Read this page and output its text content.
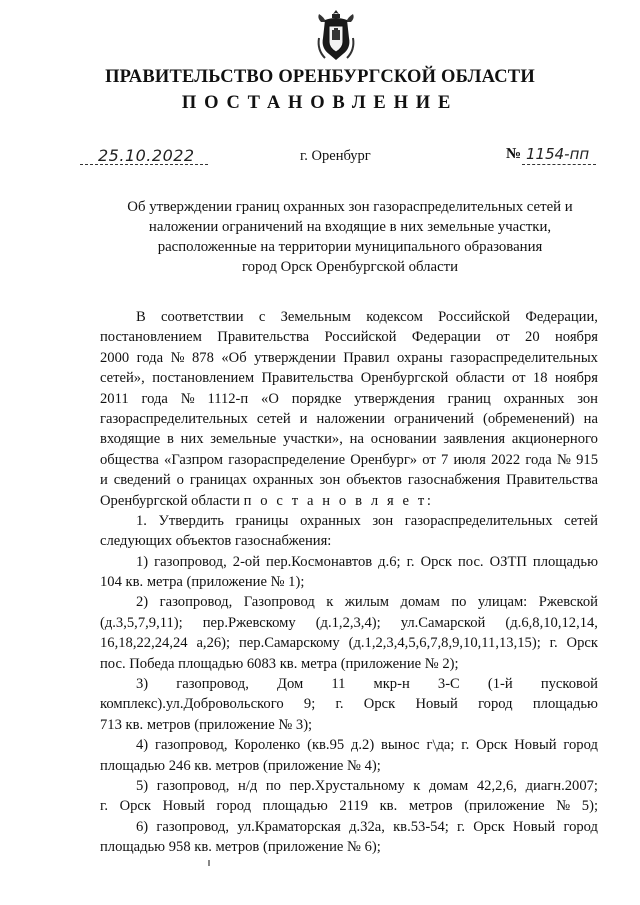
ПРАВИТЕЛЬСТВО ОРЕНБУРГСКОЙ ОБЛАСТИ
ПОСТАНОВЛЕНИЕ
25.10.2022	г. Оренбург	№ 1154-пп
Об утверждении границ охранных зон газораспределительных сетей и
наложении ограничений на входящие в них земельные участки,
расположенные на территории муниципального образования
город Орск Оренбургской области
В соответствии с Земельным кодексом Российской Федерации,
постановлением Правительства Российской Федерации от 20 ноября
2000 года № 878 «Об утверждении Правил охраны газораспределительных
сетей», постановлением Правительства Оренбургской области от 18 ноября
2011 года № 1112-п «О порядке утверждения границ охранных зон
газораспределительных сетей и наложении ограничений (обременений) на
входящие в них земельные участки», на основании заявления акционерного
общества «Газпром газораспределение Оренбург» от 7 июля 2022 года № 915
и сведений о границах охранных зон объектов газоснабжения Правительства
Оренбургской области
п о с т а н о в л я е т:
1. Утвердить границы охранных зон газораспределительных сетей
следующих объектов газоснабжения:
1) газопровод, 2-ой пер.Космонавтов д.6; г. Орск пос. ОЗТП площадью
104 кв. метра (приложение № 1);
2) газопровод, Газопровод к жилым домам по улицам: Ржевской
(д.3,5,7,9,11); пер.Ржевскому (д.1,2,3,4); ул.Самарской (д.6,8,10,12,14,
16,18,22,24,24 а,26); пер.Самарскому (д.1,2,3,4,5,6,7,8,9,10,11,13,15); г. Орск
пос. Победа площадью 6083 кв. метра (приложение № 2);
3) газопровод, Дом 11 мкр-н 3-С (1-й пусковой
комплекс).ул.Добровольского 9; г. Орск Новый город площадью
713 кв. метров (приложение № 3);
4) газопровод, Короленко (кв.95 д.2) вынос г\да; г. Орск Новый город
площадью 246 кв. метров (приложение № 4);
5) газопровод, н/д по пер.Хрустальному к домам 42,2,6, диагн.2007;
г. Орск Новый город площадью 2119 кв. метров (приложение № 5);
6) газопровод, ул.Краматорская д.32а, кв.53-54; г. Орск Новый город
площадью 958 кв. метров (приложение № 6);
